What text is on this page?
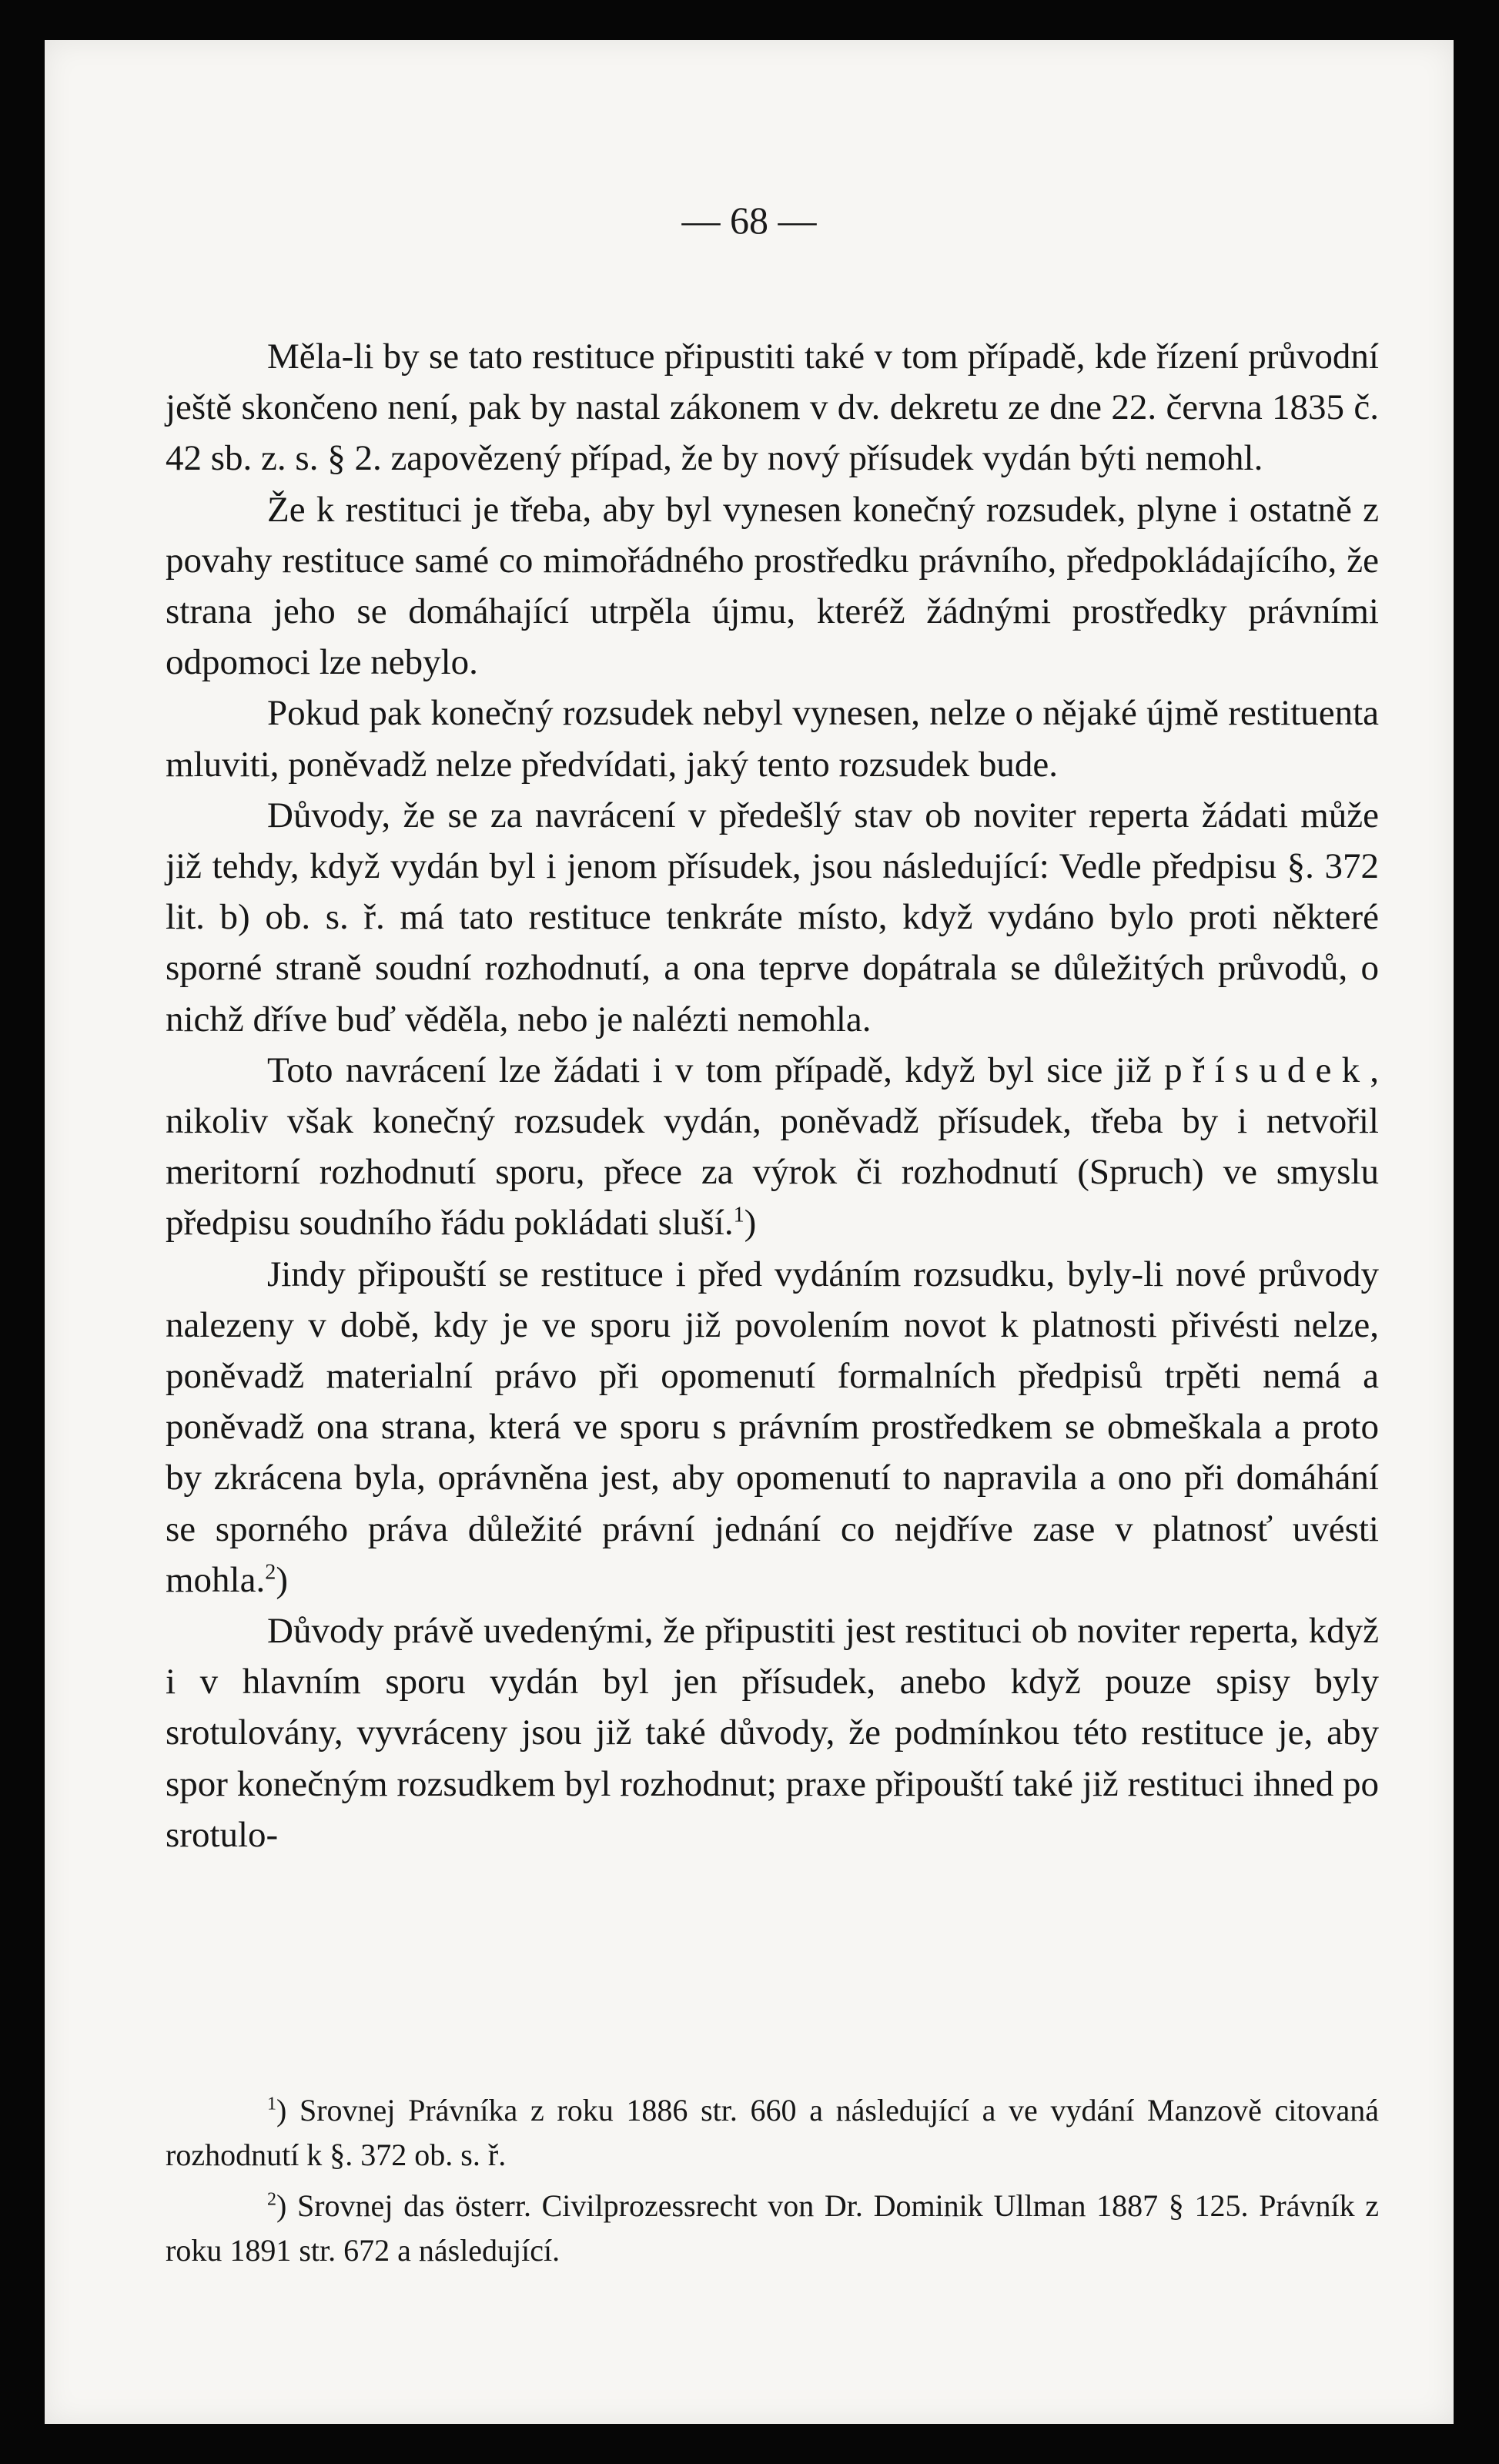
— 68 —

Měla-li by se tato restituce připustiti také v tom případě, kde řízení průvodní ještě skončeno není, pak by nastal zákonem v dv. dekretu ze dne 22. června 1835 č. 42 sb. z. s. § 2. zapovězený případ, že by nový přísudek vydán býti nemohl.

Že k restituci je třeba, aby byl vynesen konečný rozsudek, plyne i ostatně z povahy restituce samé co mimořádného prostředku právního, předpokládajícího, že strana jeho se domáhající utrpěla újmu, kteréž žádnými prostředky právními odpomoci lze nebylo.

Pokud pak konečný rozsudek nebyl vynesen, nelze o nějaké újmě restituenta mluviti, poněvadž nelze předvídati, jaký tento rozsudek bude.

Důvody, že se za navrácení v předešlý stav ob noviter reperta žádati může již tehdy, když vydán byl i jenom přísudek, jsou následující: Vedle předpisu §. 372 lit. b) ob. s. ř. má tato restituce tenkráte místo, když vydáno bylo proti některé sporné straně soudní rozhodnutí, a ona teprve dopátrala se důležitých průvodů, o nichž dříve buď věděla, nebo je nalézti nemohla.

Toto navrácení lze žádati i v tom případě, když byl sice již přísudek, nikoliv však konečný rozsudek vydán, poněvadž přísudek, třeba by i netvořil meritorní rozhodnutí sporu, přece za výrok či rozhodnutí (Spruch) ve smyslu předpisu soudního řádu pokládati sluší.$^1$)

Jindy připouští se restituce i před vydáním rozsudku, byly-li nové průvody nalezeny v době, kdy je ve sporu již povolením novot k platnosti přivésti nelze, poněvadž materialní právo při opomenutí formalních předpisů trpěti nemá a poněvadž ona strana, která ve sporu s právním prostředkem se obmeškala a proto by zkrácena byla, oprávněna jest, aby opomenutí to napravila a ono při domáhání se sporného práva důležité právní jednání co nejdříve zase v platnosť uvésti mohla.$^2$)

Důvody právě uvedenými, že připustiti jest restituci ob noviter reperta, když i v hlavním sporu vydán byl jen přísudek, anebo když pouze spisy byly srotulovány, vyvráceny jsou již také důvody, že podmínkou této restituce je, aby spor konečným rozsudkem byl rozhodnut; praxe připouští také již restituci ihned po srotulo-

$^1$) Srovnej Právníka z roku 1886 str. 660 a následující a ve vydání Manzově citovaná rozhodnutí k §. 372 ob. s. ř.

$^2$) Srovnej das österr. Civilprozessrecht von Dr. Dominik Ullman 1887 § 125. Právník z roku 1891 str. 672 a následující.
